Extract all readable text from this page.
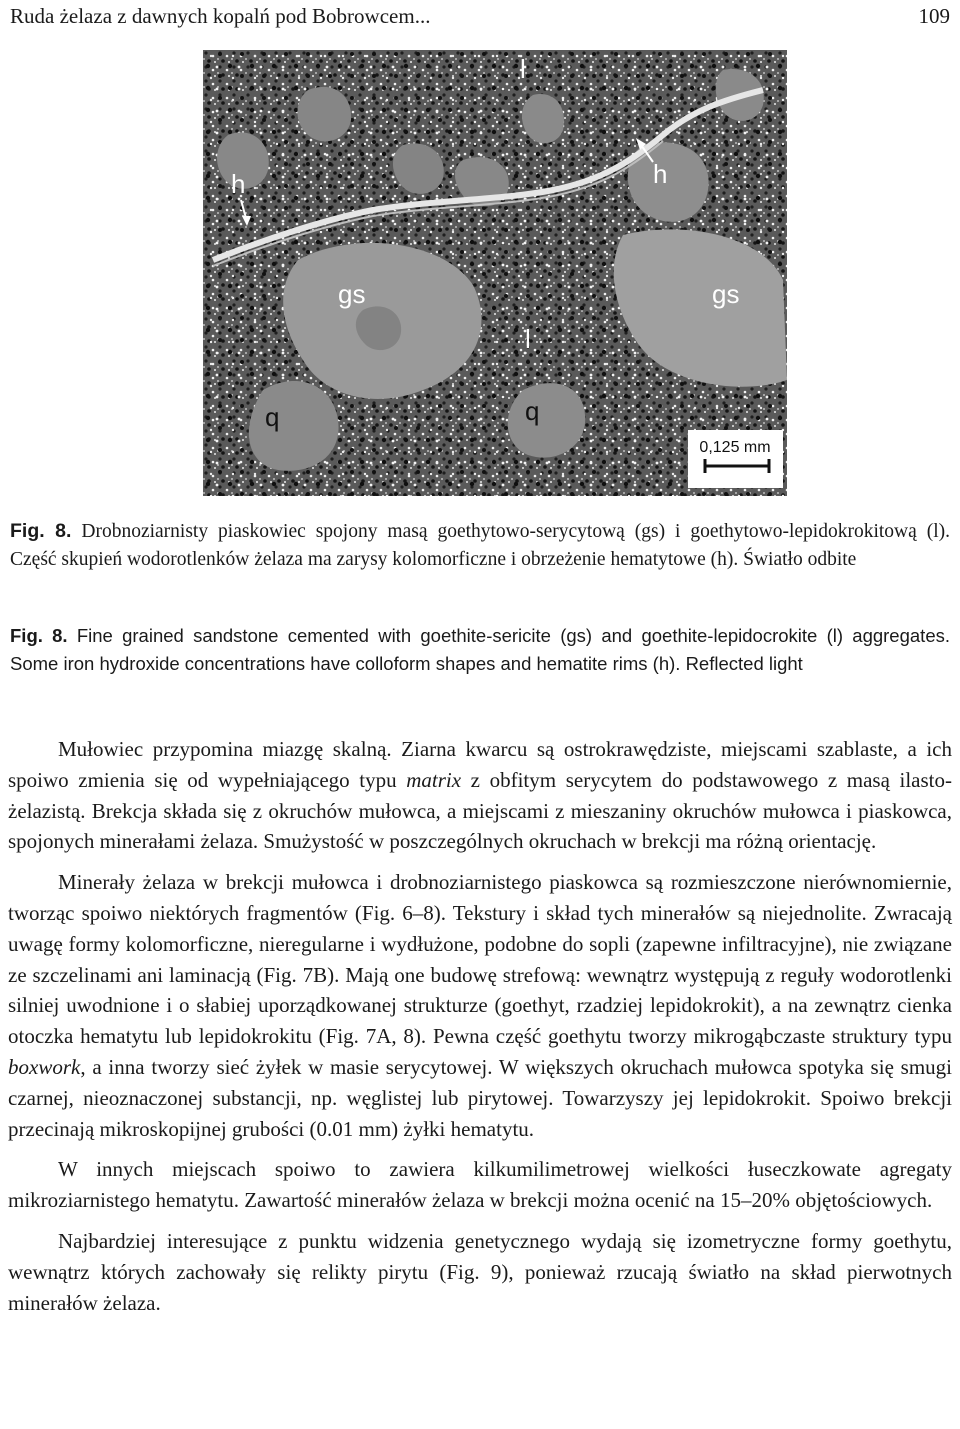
Ruda żelaza z dawnych kopalń pod Bobrowcem...	109
l
h	h
gs	gs
l
q	q
0,125 mm

Fig. 8. Drobnoziarnisty piaskowiec spojony masą goethytowo-serycytową (gs) i goethytowo-lepidokrokitową (l). Część skupień wodorotlenków żelaza ma zarysy kolomorficzne i obrzeżenie hematytowe (h). Światło odbite

Fig. 8. Fine grained sandstone cemented with goethite-sericite (gs) and goethite-lepidocrokite (l) aggregates. Some iron hydroxide concentrations have colloform shapes and hematite rims (h). Reflected light

Mułowiec przypomina miazgę skalną. Ziarna kwarcu są ostrokrawędziste, miejscami szablaste, a ich spoiwo zmienia się od wypełniającego typu matrix z obfitym serycytem do podstawowego z masą ilasto-żelazistą. Brekcja składa się z okruchów mułowca, a miejscami z mieszaniny okruchów mułowca i piaskowca, spojonych minerałami żelaza. Smużystość w poszczególnych okruchach w brekcji ma różną orientację.

Minerały żelaza w brekcji mułowca i drobnoziarnistego piaskowca są rozmieszczone nierównomiernie, tworząc spoiwo niektórych fragmentów (Fig. 6–8). Tekstury i skład tych minerałów są niejednolite. Zwracają uwagę formy kolomorficzne, nieregularne i wydłużone, podobne do sopli (zapewne infiltracyjne), nie związane ze szczelinami ani laminacją (Fig. 7B). Mają one budowę strefową: wewnątrz występują z reguły wodorotlenki silniej uwodnione i o słabiej uporządkowanej strukturze (goethyt, rzadziej lepidokrokit), a na zewnątrz cienka otoczka hematytu lub lepidokrokitu (Fig. 7A, 8). Pewna część goethytu tworzy mikrogąbczaste struktury typu boxwork, a inna tworzy sieć żyłek w masie serycytowej. W większych okruchach mułowca spotyka się smugi czarnej, nieoznaczonej substancji, np. węglistej lub pirytowej. Towarzyszy jej lepidokrokit. Spoiwo brekcji przecinają mikroskopijnej grubości (0.01 mm) żyłki hematytu.

W innych miejscach spoiwo to zawiera kilkumilimetrowej wielkości łuseczkowate agregaty mikroziarnistego hematytu. Zawartość minerałów żelaza w brekcji można ocenić na 15–20% objętościowych.

Najbardziej interesujące z punktu widzenia genetycznego wydają się izometryczne formy goethytu, wewnątrz których zachowały się relikty pirytu (Fig. 9), ponieważ rzucają światło na skład pierwotnych minerałów żelaza.
